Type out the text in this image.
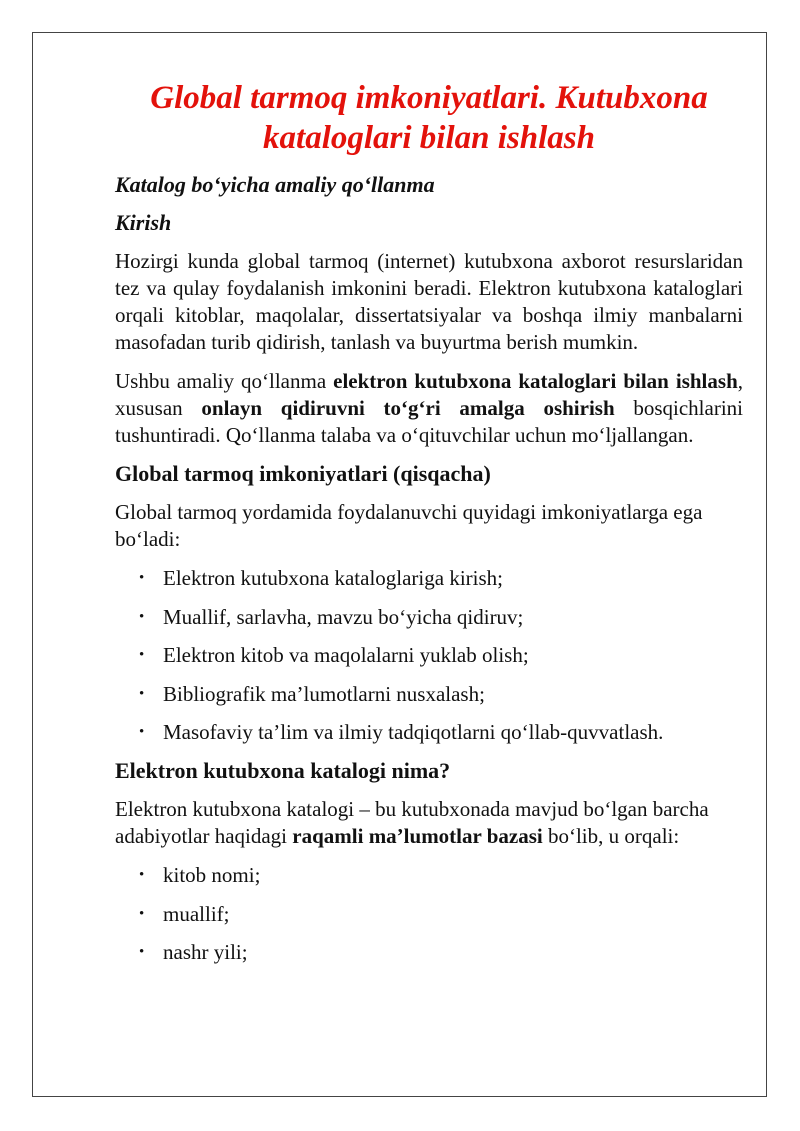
Global tarmoq imkoniyatlari. Kutubxona kataloglari bilan ishlash
Katalog bo‘yicha amaliy qo‘llanma
Kirish

Hozirgi kunda global tarmoq (internet) kutubxona axborot resurslaridan tez va qulay foydalanish imkonini beradi. Elektron kutubxona kataloglari orqali kitoblar, maqolalar, dissertatsiyalar va boshqa ilmiy manbalarni masofadan turib qidirish, tanlash va buyurtma berish mumkin.

Ushbu amaliy qo‘llanma elektron kutubxona kataloglari bilan ishlash, xususan onlayn qidiruvni to‘g‘ri amalga oshirish bosqichlarini tushuntiradi. Qo‘llanma talaba va o‘qituvchilar uchun mo‘ljallangan.

Global tarmoq imkoniyatlari (qisqacha)

Global tarmoq yordamida foydalanuvchi quyidagi imkoniyatlarga ega bo‘ladi:

• Elektron kutubxona kataloglariga kirish;
• Muallif, sarlavha, mavzu bo‘yicha qidiruv;
• Elektron kitob va maqolalarni yuklab olish;
• Bibliografik ma’lumotlarni nusxalash;
• Masofaviy ta’lim va ilmiy tadqiqotlarni qo‘llab-quvvatlash.
Elektron kutubxona katalogi nima?

Elektron kutubxona katalogi – bu kutubxonada mavjud bo‘lgan barcha adabiyotlar haqidagi raqamli ma’lumotlar bazasi bo‘lib, u orqali:

• kitob nomi;
• muallif;
• nashr yili;
